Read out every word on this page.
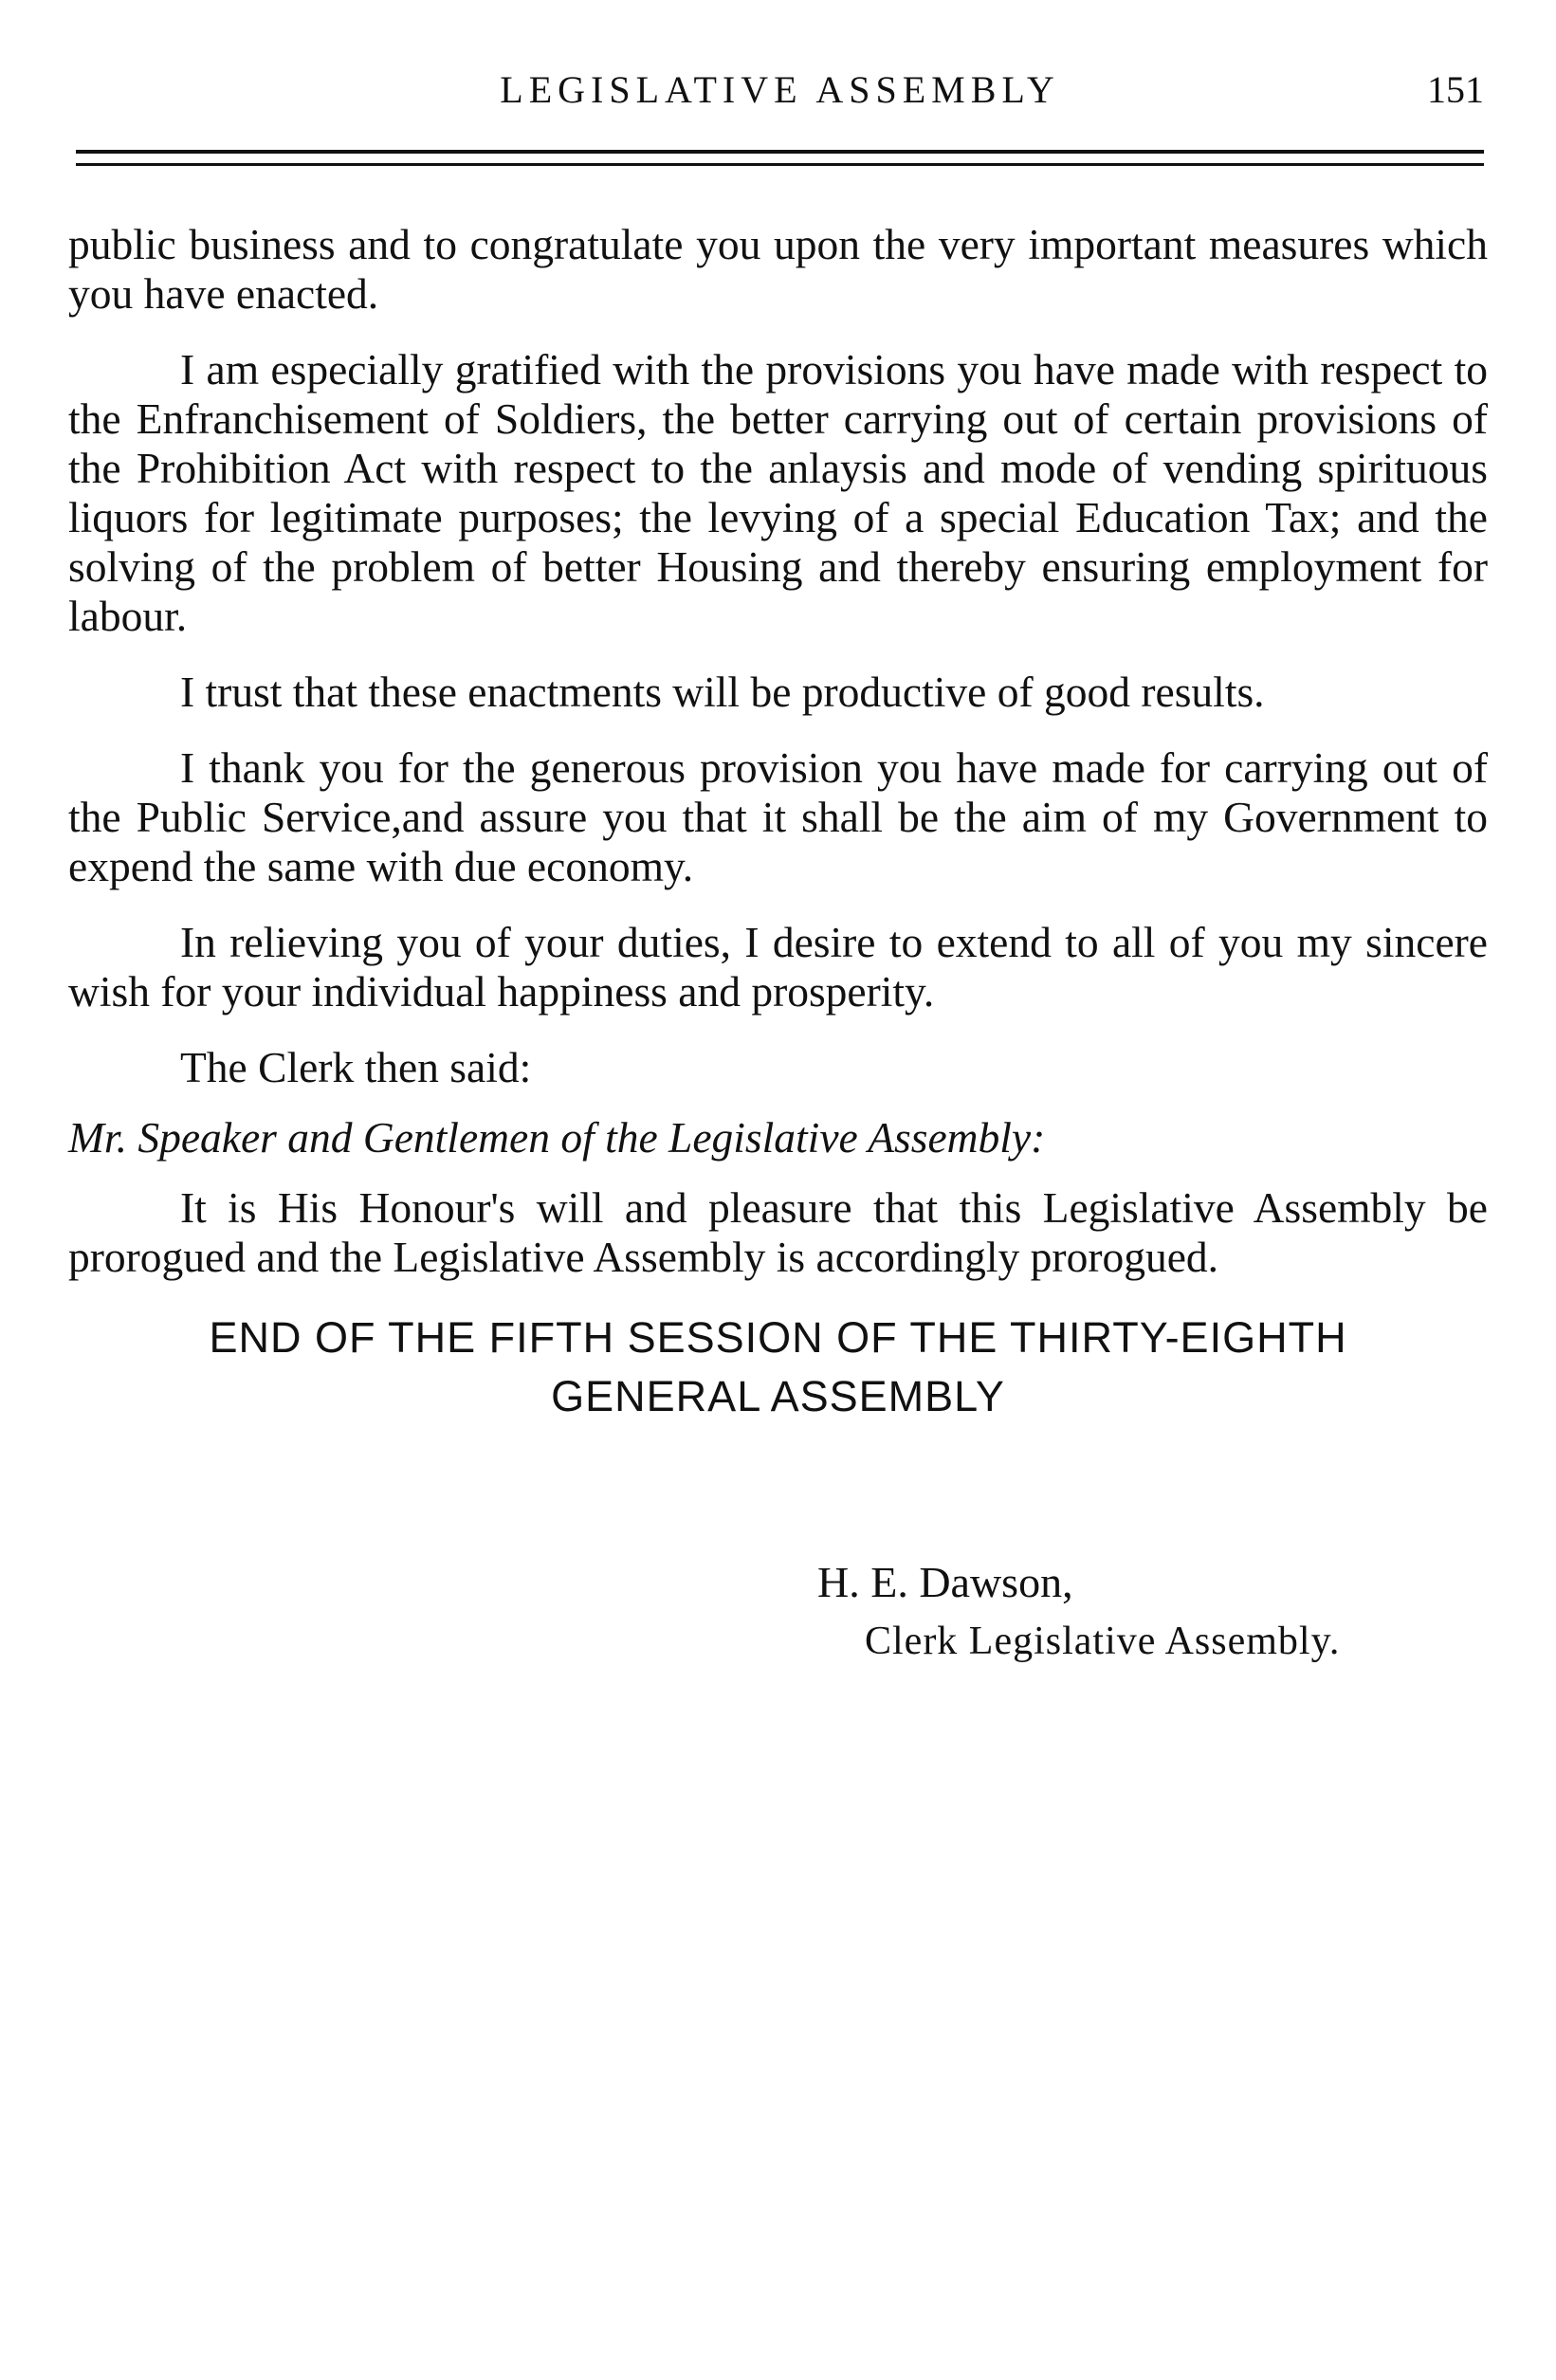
LEGISLATIVE ASSEMBLY	151

public business and to congratulate you upon the very important measures which you have enacted.

I am especially gratified with the provisions you have made with respect to the Enfranchisement of Soldiers, the better carrying out of certain provisions of the Prohibition Act with respect to the anlaysis and mode of vending spirituous liquors for legitimate purposes; the levying of a special Education Tax; and the solving of the problem of better Housing and thereby ensuring employment for labour.

I trust that these enactments will be productive of good results.

I thank you for the generous provision you have made for carrying out of the Public Service,and assure you that it shall be the aim of my Government to expend the same with due economy.

In relieving you of your duties, I desire to extend to all of you my sincere wish for your individual happiness and prosperity.

The Clerk then said:

Mr. Speaker and Gentlemen of the Legislative Assembly:

It is His Honour's will and pleasure that this Legislative Assembly be prorogued and the Legislative Assembly is accordingly prorogued.

END OF THE FIFTH SESSION OF THE THIRTY-EIGHTH

GENERAL ASSEMBLY

H. E. Dawson,
Clerk Legislative Assembly.
